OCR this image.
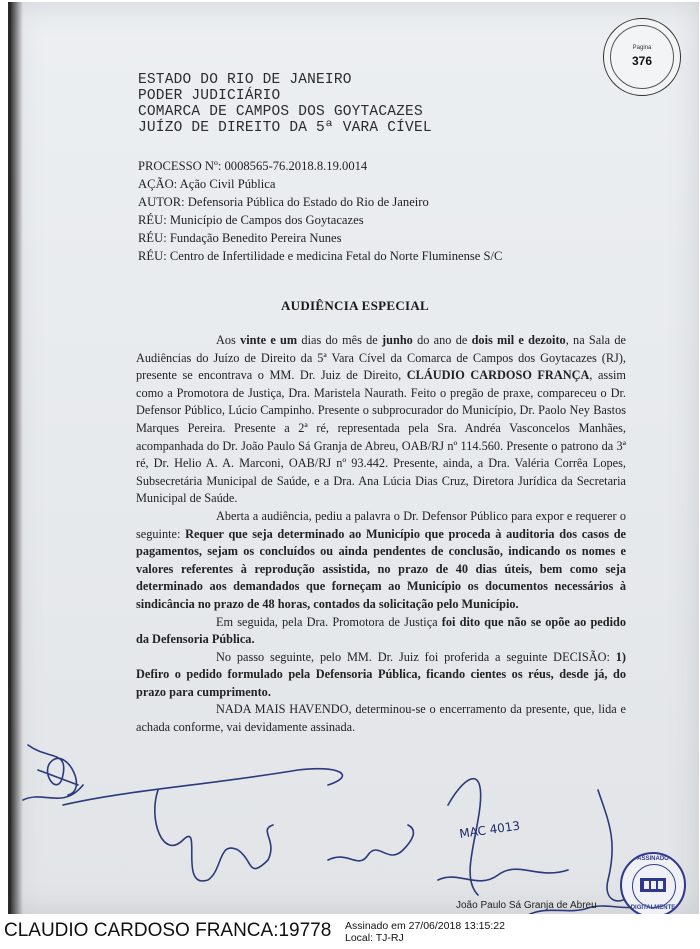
Pagina
376
ESTADO DO RIO DE JANEIRO
PODER JUDICIÁRIO
COMARCA DE CAMPOS DOS GOYTACAZES
JUÍZO DE DIREITO DA 5ª VARA CÍVEL
PROCESSO Nº: 0008565-76.2018.8.19.0014
AÇÃO: Ação Civil Pública
AUTOR: Defensoria Pública do Estado do Rio de Janeiro
RÉU: Município de Campos dos Goytacazes
RÉU: Fundação Benedito Pereira Nunes
RÉU: Centro de Infertilidade e medicina Fetal do Norte Fluminense S/C
AUDIÊNCIA ESPECIAL

Aos vinte e um dias do mês de junho do ano de dois mil e dezoito, na Sala de Audiências do Juízo de Direito da 5ª Vara Cível da Comarca de Campos dos Goytacazes (RJ), presente se encontrava o MM. Dr. Juiz de Direito, CLÁUDIO CARDOSO FRANÇA, assim como a Promotora de Justiça, Dra. Maristela Naurath. Feito o pregão de praxe, compareceu o Dr. Defensor Público, Lúcio Campinho. Presente o subprocurador do Município, Dr. Paolo Ney Bastos Marques Pereira. Presente a 2ª ré, representada pela Sra. Andréa Vasconcelos Manhães, acompanhada do Dr. João Paulo Sá Granja de Abreu, OAB/RJ nº 114.560. Presente o patrono da 3ª ré, Dr. Helio A. A. Marconi, OAB/RJ nº 93.442. Presente, ainda, a Dra. Valéria Corrêa Lopes, Subsecretária Municipal de Saúde, e a Dra. Ana Lúcia Dias Cruz, Diretora Jurídica da Secretaria Municipal de Saúde.

Aberta a audiência, pediu a palavra o Dr. Defensor Público para expor e requerer o seguinte: Requer que seja determinado ao Município que proceda à auditoria dos casos de pagamentos, sejam os concluídos ou ainda pendentes de conclusão, indicando os nomes e valores referentes à reprodução assistida, no prazo de 40 dias úteis, bem como seja determinado aos demandados que forneçam ao Município os documentos necessários à sindicância no prazo de 48 horas, contados da solicitação pelo Município.

Em seguida, pela Dra. Promotora de Justiça foi dito que não se opõe ao pedido da Defensoria Pública.

No passo seguinte, pelo MM. Dr. Juiz foi proferida a seguinte DECISÃO: 1) Defiro o pedido formulado pela Defensoria Pública, ficando cientes os réus, desde já, do prazo para cumprimento.

NADA MAIS HAVENDO, determinou-se o encerramento da presente, que, lida e achada conforme, vai devidamente assinada.

MAC 4013
João Paulo Sá Granja de Abreu
ASSINADO
DIGITALMENTE
CLAUDIO CARDOSO FRANCA:19778 Assinado em 27/06/2018 13:15:22
Local: TJ-RJ
